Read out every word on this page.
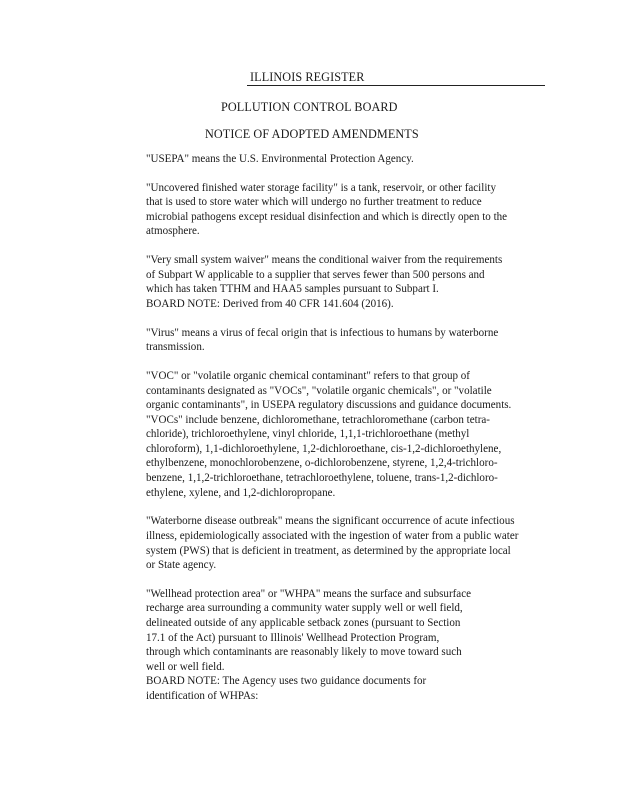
ILLINOIS REGISTER
POLLUTION CONTROL BOARD
NOTICE OF ADOPTED AMENDMENTS
"USEPA" means the U.S. Environmental Protection Agency.
"Uncovered finished water storage facility" is a tank, reservoir, or other facility
that is used to store water which will undergo no further treatment to reduce
microbial pathogens except residual disinfection and which is directly open to the
atmosphere.
"Very small system waiver" means the conditional waiver from the requirements
of Subpart W applicable to a supplier that serves fewer than 500 persons and
which has taken TTHM and HAA5 samples pursuant to Subpart I.
BOARD NOTE: Derived from 40 CFR 141.604 (2016).
"Virus" means a virus of fecal origin that is infectious to humans by waterborne
transmission.
"VOC" or "volatile organic chemical contaminant" refers to that group of
contaminants designated as "VOCs", "volatile organic chemicals", or "volatile
organic contaminants", in USEPA regulatory discussions and guidance documents.
"VOCs" include benzene, dichloromethane, tetrachloromethane (carbon tetra-
chloride), trichloroethylene, vinyl chloride, 1,1,1-trichloroethane (methyl
chloroform), 1,1-dichloroethylene, 1,2-dichloroethane, cis-1,2-dichloroethylene,
ethylbenzene, monochlorobenzene, o-dichlorobenzene, styrene, 1,2,4-trichloro-
benzene, 1,1,2-trichloroethane, tetrachloroethylene, toluene, trans-1,2-dichloro-
ethylene, xylene, and 1,2-dichloropropane.
"Waterborne disease outbreak" means the significant occurrence of acute infectious
illness, epidemiologically associated with the ingestion of water from a public water
system (PWS) that is deficient in treatment, as determined by the appropriate local
or State agency.
"Wellhead protection area" or "WHPA" means the surface and subsurface
recharge area surrounding a community water supply well or well field,
delineated outside of any applicable setback zones (pursuant to Section
17.1 of the Act) pursuant to Illinois' Wellhead Protection Program,
through which contaminants are reasonably likely to move toward such
well or well field.
BOARD NOTE: The Agency uses two guidance documents for
identification of WHPAs:
